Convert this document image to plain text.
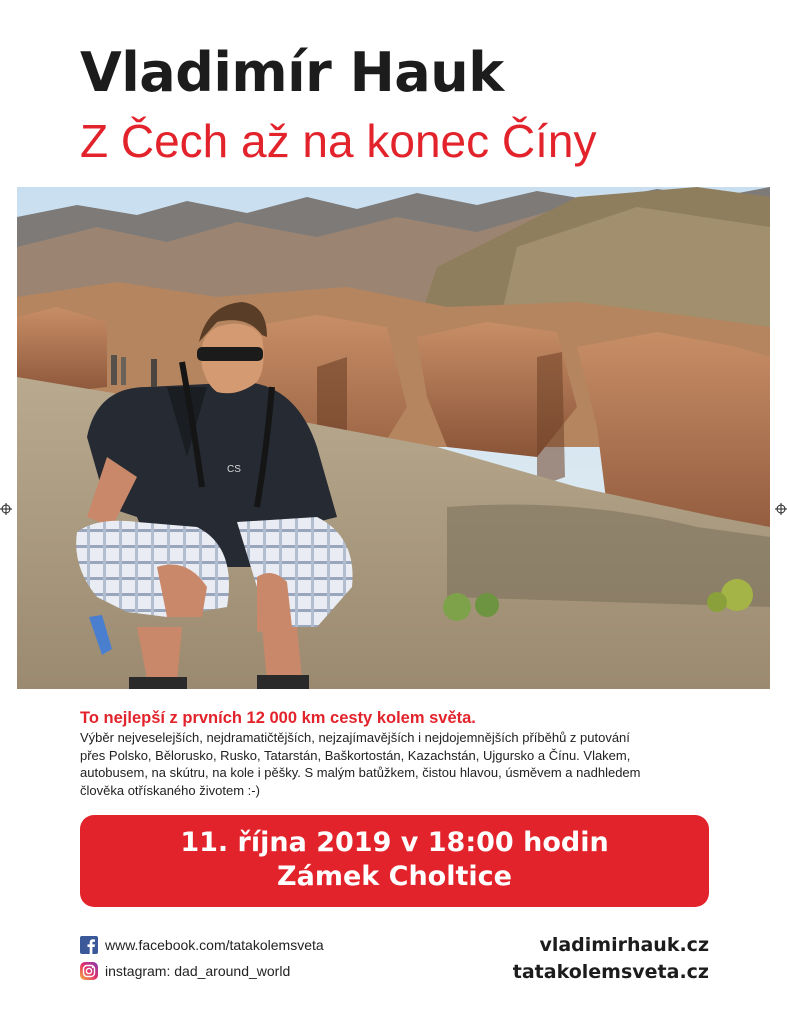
Vladimír Hauk
Z Čech až na konec Číny
CS

To nejlepší z prvních 12 000 km cesty kolem světa.

Výběr nejveselejších, nejdramatičtějších, nejzajímavějších i nejdojemnějších příběhů z putování
přes Polsko, Bělorusko, Rusko, Tatarstán, Baškortostán, Kazachstán, Ujgursko a Čínu. Vlakem,
autobusem, na skútru, na kole i pěšky. S malým batůžkem, čistou hlavou, úsměvem a nadhledem
člověka otřískaného životem :-)
11. října 2019 v 18:00 hodin
Zámek Choltice
www.facebook.com/tatakolemsveta
instagram: dad_around_world
vladimirhauk.cz
tatakolemsveta.cz
